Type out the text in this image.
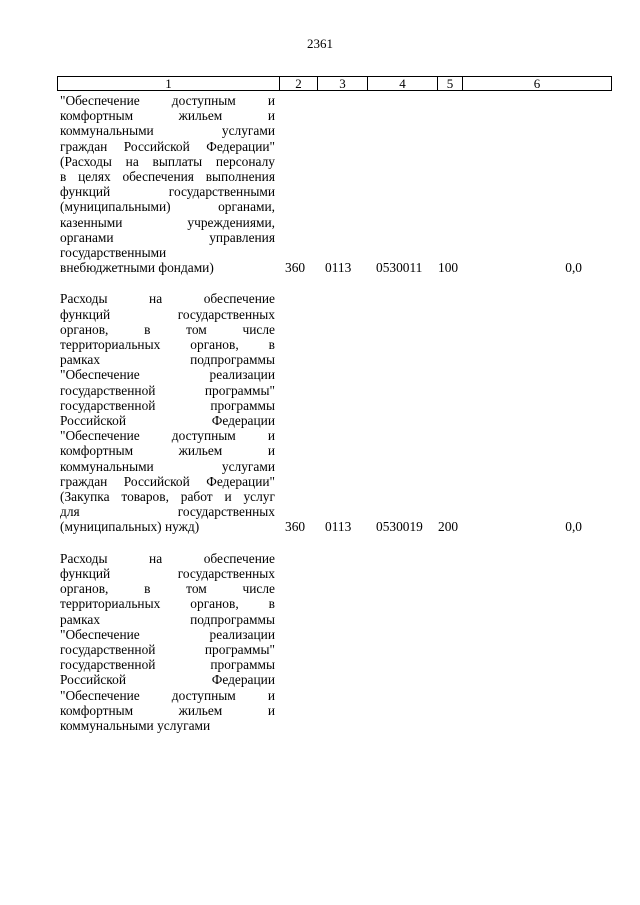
2361
1	2	3	4	5	6
"Обеспечение доступным и
комфортным жильем и
коммунальными услугами
граждан Российской Федерации"
(Расходы на выплаты персоналу
в целях обеспечения выполнения
функций государственными
(муниципальными) органами,
казенными учреждениями,
органами управления
государственными
внебюджетными фондами)	360 0113 0530011 100	0,0
Расходы на обеспечение
функций государственных
органов, в том числе
территориальных органов, в
рамках подпрограммы
"Обеспечение реализации
государственной программы"
государственной программы
Российской Федерации
"Обеспечение доступным и
комфортным жильем и
коммунальными услугами
граждан Российской Федерации"
(Закупка товаров, работ и услуг
для государственных
(муниципальных) нужд)	360 0113 0530019 200	0,0
Расходы на обеспечение
функций государственных
органов, в том числе
территориальных органов, в
рамках подпрограммы
"Обеспечение реализации
государственной программы"
государственной программы
Российской Федерации
"Обеспечение доступным и
комфортным жильем и
коммунальными услугами
